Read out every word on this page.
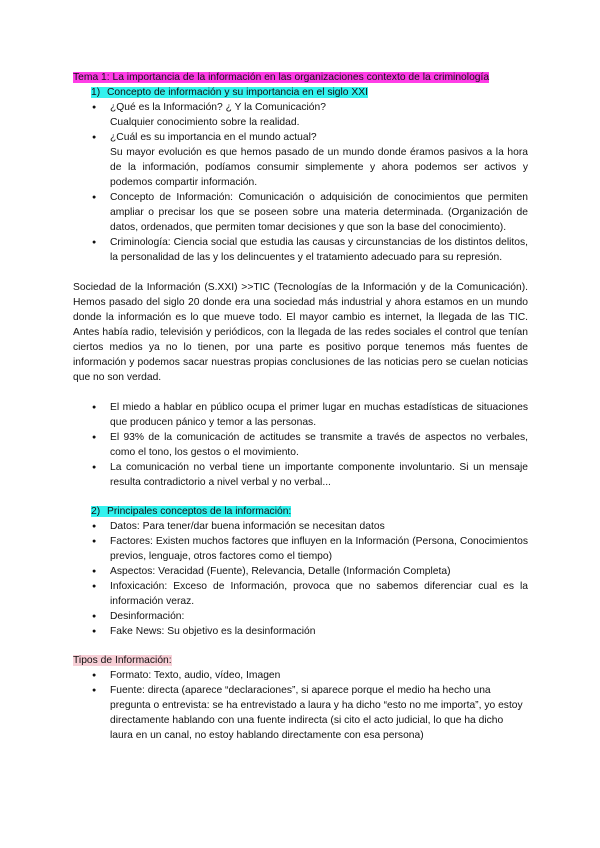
Tema 1: La importancia de la información en las organizaciones contexto de la criminología
1) Concepto de información y su importancia en el siglo XXI
● ¿Qué es la Información? ¿ Y la Comunicación?
Cualquier conocimiento sobre la realidad.
● ¿Cuál es su importancia en el mundo actual?
Su mayor evolución es que hemos pasado de un mundo donde éramos pasivos a la hora de la información, podíamos consumir simplemente y ahora podemos ser activos y podemos compartir información.
● Concepto de Información: Comunicación o adquisición de conocimientos que permiten ampliar o precisar los que se poseen sobre una materia determinada. (Organización de datos, ordenados, que permiten tomar decisiones y que son la base del conocimiento).
● Criminología: Ciencia social que estudia las causas y circunstancias de los distintos delitos, la personalidad de las y los delincuentes y el tratamiento adecuado para su represión.

Sociedad de la Información (S.XXI) >>TIC (Tecnologías de la Información y de la Comunicación). Hemos pasado del siglo 20 donde era una sociedad más industrial y ahora estamos en un mundo donde la información es lo que mueve todo. El mayor cambio es internet, la llegada de las TIC. Antes había radio, televisión y periódicos, con la llegada de las redes sociales el control que tenían ciertos medios ya no lo tienen, por una parte es positivo porque tenemos más fuentes de información y podemos sacar nuestras propias conclusiones de las noticias pero se cuelan noticias que no son verdad.

● El miedo a hablar en público ocupa el primer lugar en muchas estadísticas de situaciones que producen pánico y temor a las personas.
● El 93% de la comunicación de actitudes se transmite a través de aspectos no verbales, como el tono, los gestos o el movimiento.
● La comunicación no verbal tiene un importante componente involuntario. Si un mensaje resulta contradictorio a nivel verbal y no verbal...
2) Principales conceptos de la información:
● Datos: Para tener/dar buena información se necesitan datos
● Factores: Existen muchos factores que influyen en la Información (Persona, Conocimientos previos, lenguaje, otros factores como el tiempo)
● Aspectos: Veracidad (Fuente), Relevancia, Detalle (Información Completa)
● Infoxicación: Exceso de Información, provoca que no sabemos diferenciar cual es la información veraz.
● Desinformación:
● Fake News: Su objetivo es la desinformación
Tipos de Información:
● Formato: Texto, audio, vídeo, Imagen
● Fuente: directa (aparece “declaraciones”, si aparece porque el medio ha hecho una pregunta o entrevista: se ha entrevistado a laura y ha dicho “esto no me importa”, yo estoy directamente hablando con una fuente indirecta (si cito el acto judicial, lo que ha dicho laura en un canal, no estoy hablando directamente con esa persona)
